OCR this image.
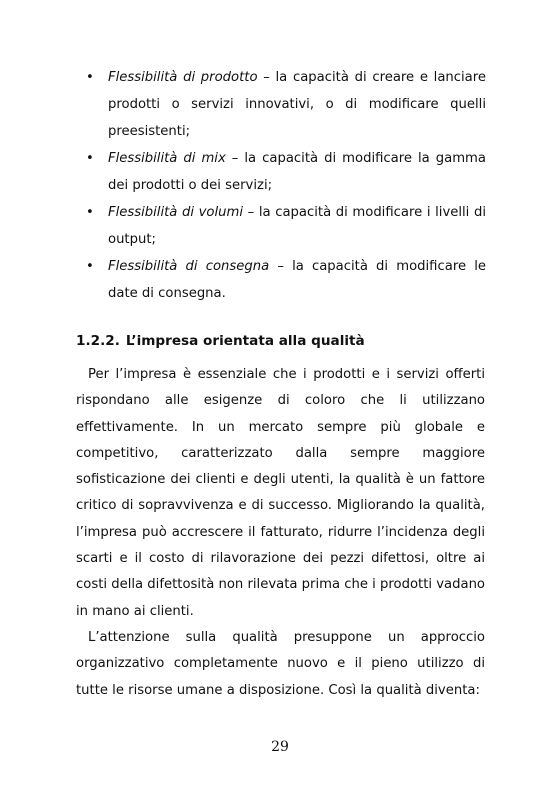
• Flessibilità di prodotto – la capacità di creare e lanciare prodotti o servizi innovativi, o di modificare quelli preesistenti;
• Flessibilità di mix – la capacità di modificare la gamma dei prodotti o dei servizi;
• Flessibilità di volumi – la capacità di modificare i livelli di output;
• Flessibilità di consegna – la capacità di modificare le date di consegna.
1.2.2. L’impresa orientata alla qualità

Per l’impresa è essenziale che i prodotti e i servizi offerti rispondano alle esigenze di coloro che li utilizzano effettivamente. In un mercato sempre più globale e competitivo, caratterizzato dalla sempre maggiore sofisticazione dei clienti e degli utenti, la qualità è un fattore critico di sopravvivenza e di successo. Migliorando la qualità, l’impresa può accrescere il fatturato, ridurre l’incidenza degli scarti e il costo di rilavorazione dei pezzi difettosi, oltre ai costi della difettosità non rilevata prima che i prodotti vadano in mano ai clienti.

L’attenzione sulla qualità presuppone un approccio organizzativo completamente nuovo e il pieno utilizzo di tutte le risorse umane a disposizione. Così la qualità diventa:

29
